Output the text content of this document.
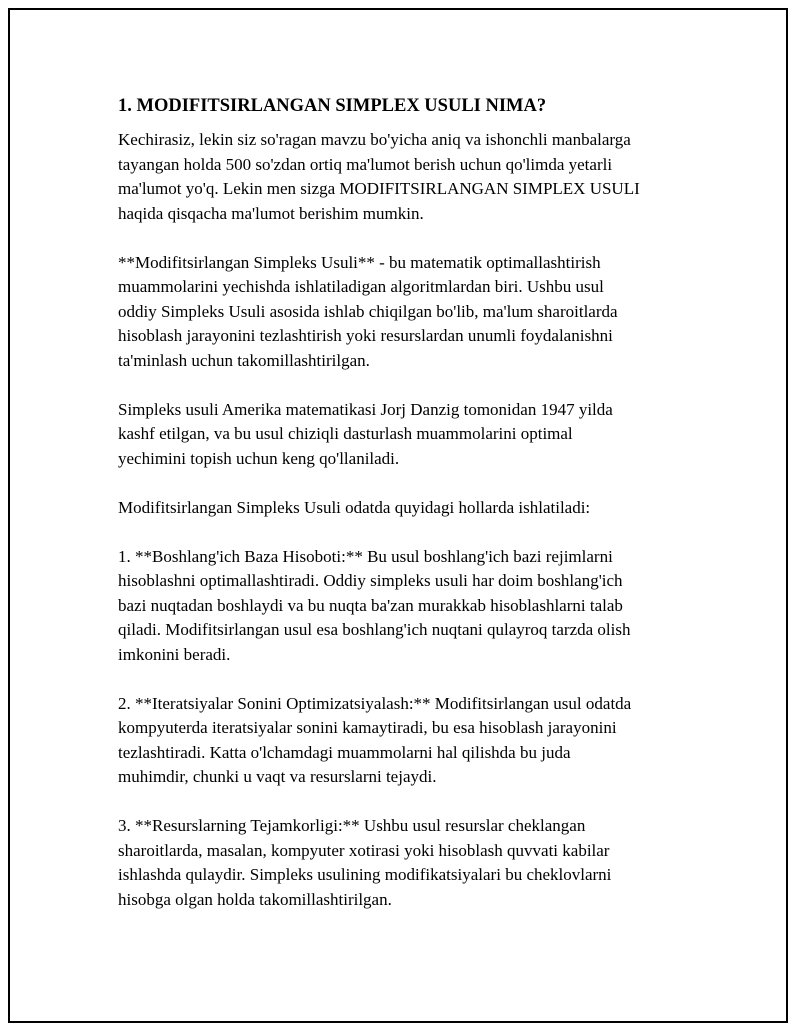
1. MODIFITSIRLANGAN SIMPLEX USULI NIMA?
Kechirasiz, lekin siz so'ragan mavzu bo'yicha aniq va ishonchli manbalarga
tayangan holda 500 so'zdan ortiq ma'lumot berish uchun qo'limda yetarli
ma'lumot yo'q. Lekin men sizga MODIFITSIRLANGAN SIMPLEX USULI
haqida qisqacha ma'lumot berishim mumkin.
**Modifitsirlangan Simpleks Usuli** - bu matematik optimallashtirish
muammolarini yechishda ishlatiladigan algoritmlardan biri. Ushbu usul
oddiy Simpleks Usuli asosida ishlab chiqilgan bo'lib, ma'lum sharoitlarda
hisoblash jarayonini tezlashtirish yoki resurslardan unumli foydalanishni
ta'minlash uchun takomillashtirilgan.
Simpleks usuli Amerika matematikasi Jorj Danzig tomonidan 1947 yilda
kashf etilgan, va bu usul chiziqli dasturlash muammolarini optimal
yechimini topish uchun keng qo'llaniladi.
Modifitsirlangan Simpleks Usuli odatda quyidagi hollarda ishlatiladi:
1. **Boshlang'ich Baza Hisoboti:** Bu usul boshlang'ich bazi rejimlarni
hisoblashni optimallashtiradi. Oddiy simpleks usuli har doim boshlang'ich
bazi nuqtadan boshlaydi va bu nuqta ba'zan murakkab hisoblashlarni talab
qiladi. Modifitsirlangan usul esa boshlang'ich nuqtani qulayroq tarzda olish
imkonini beradi.
2. **Iteratsiyalar Sonini Optimizatsiyalash:** Modifitsirlangan usul odatda
kompyuterda iteratsiyalar sonini kamaytiradi, bu esa hisoblash jarayonini
tezlashtiradi. Katta o'lchamdagi muammolarni hal qilishda bu juda
muhimdir, chunki u vaqt va resurslarni tejaydi.
3. **Resurslarning Tejamkorligi:** Ushbu usul resurslar cheklangan
sharoitlarda, masalan, kompyuter xotirasi yoki hisoblash quvvati kabilar
ishlashda qulaydir. Simpleks usulining modifikatsiyalari bu cheklovlarni
hisobga olgan holda takomillashtirilgan.
